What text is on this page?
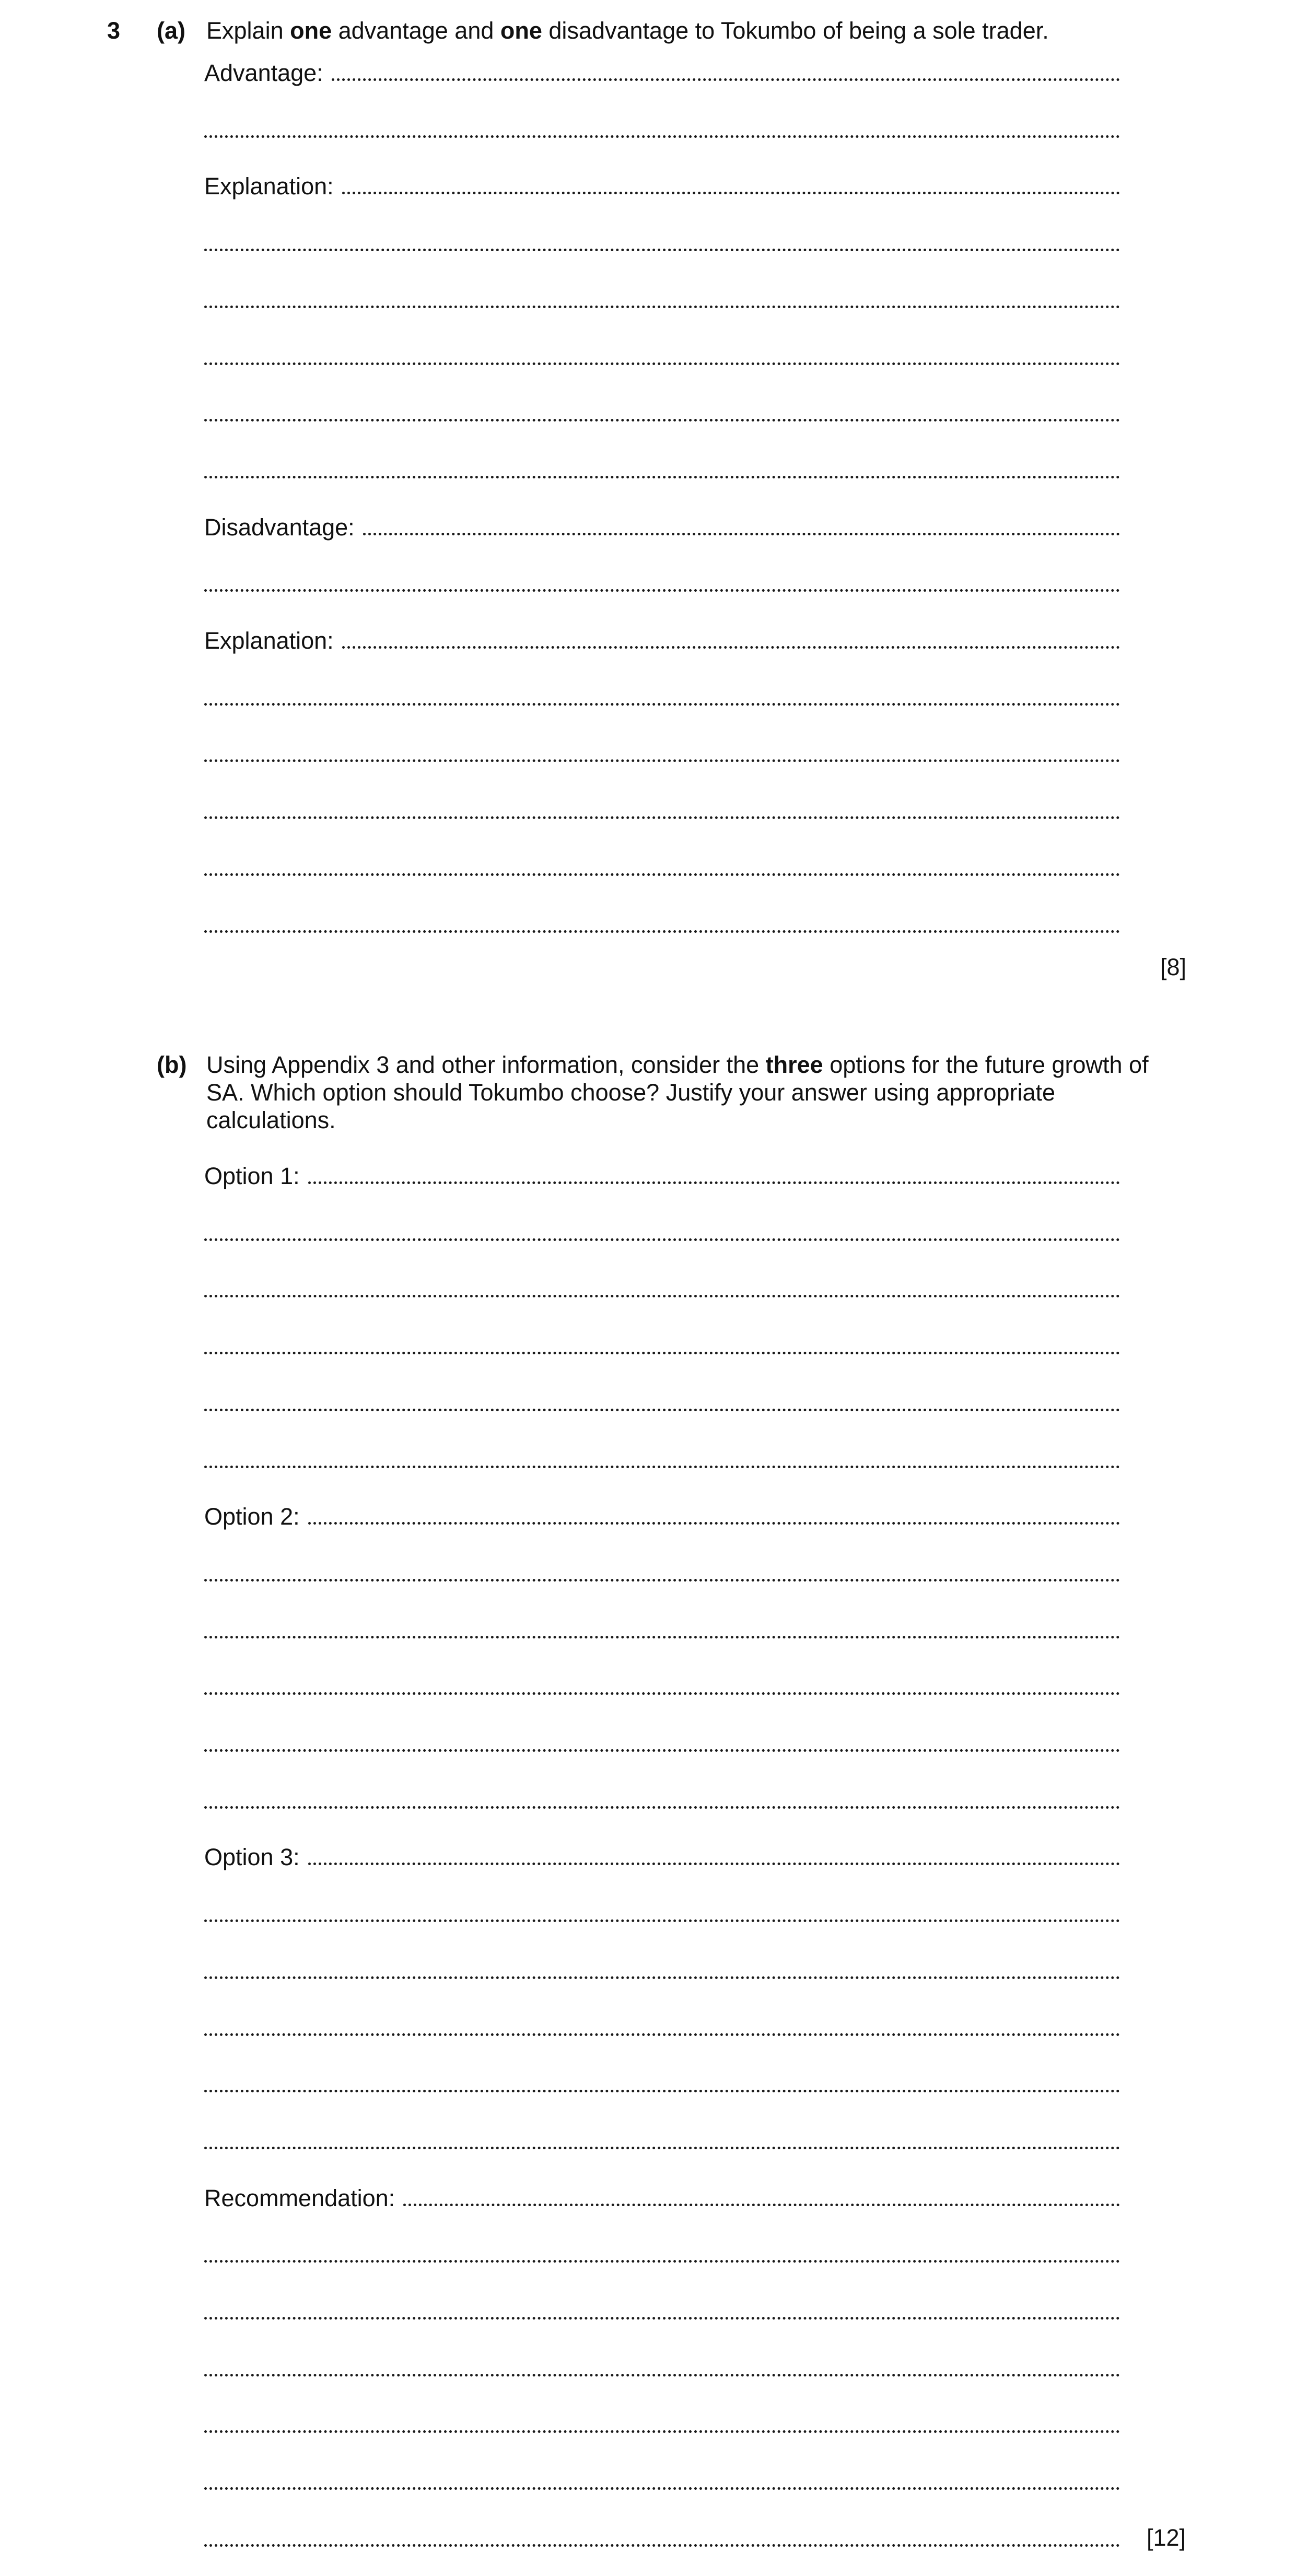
3 (a) Explain one advantage and one disadvantage to Tokumbo of being a sole trader.
Advantage:
Explanation:
Disadvantage:
Explanation:
[8]
(b) Using Appendix 3 and other information, consider the three options for the future growth of SA. Which option should Tokumbo choose? Justify your answer using appropriate calculations.
Option 1:
Option 2:
Option 3:
Recommendation:
[12]
